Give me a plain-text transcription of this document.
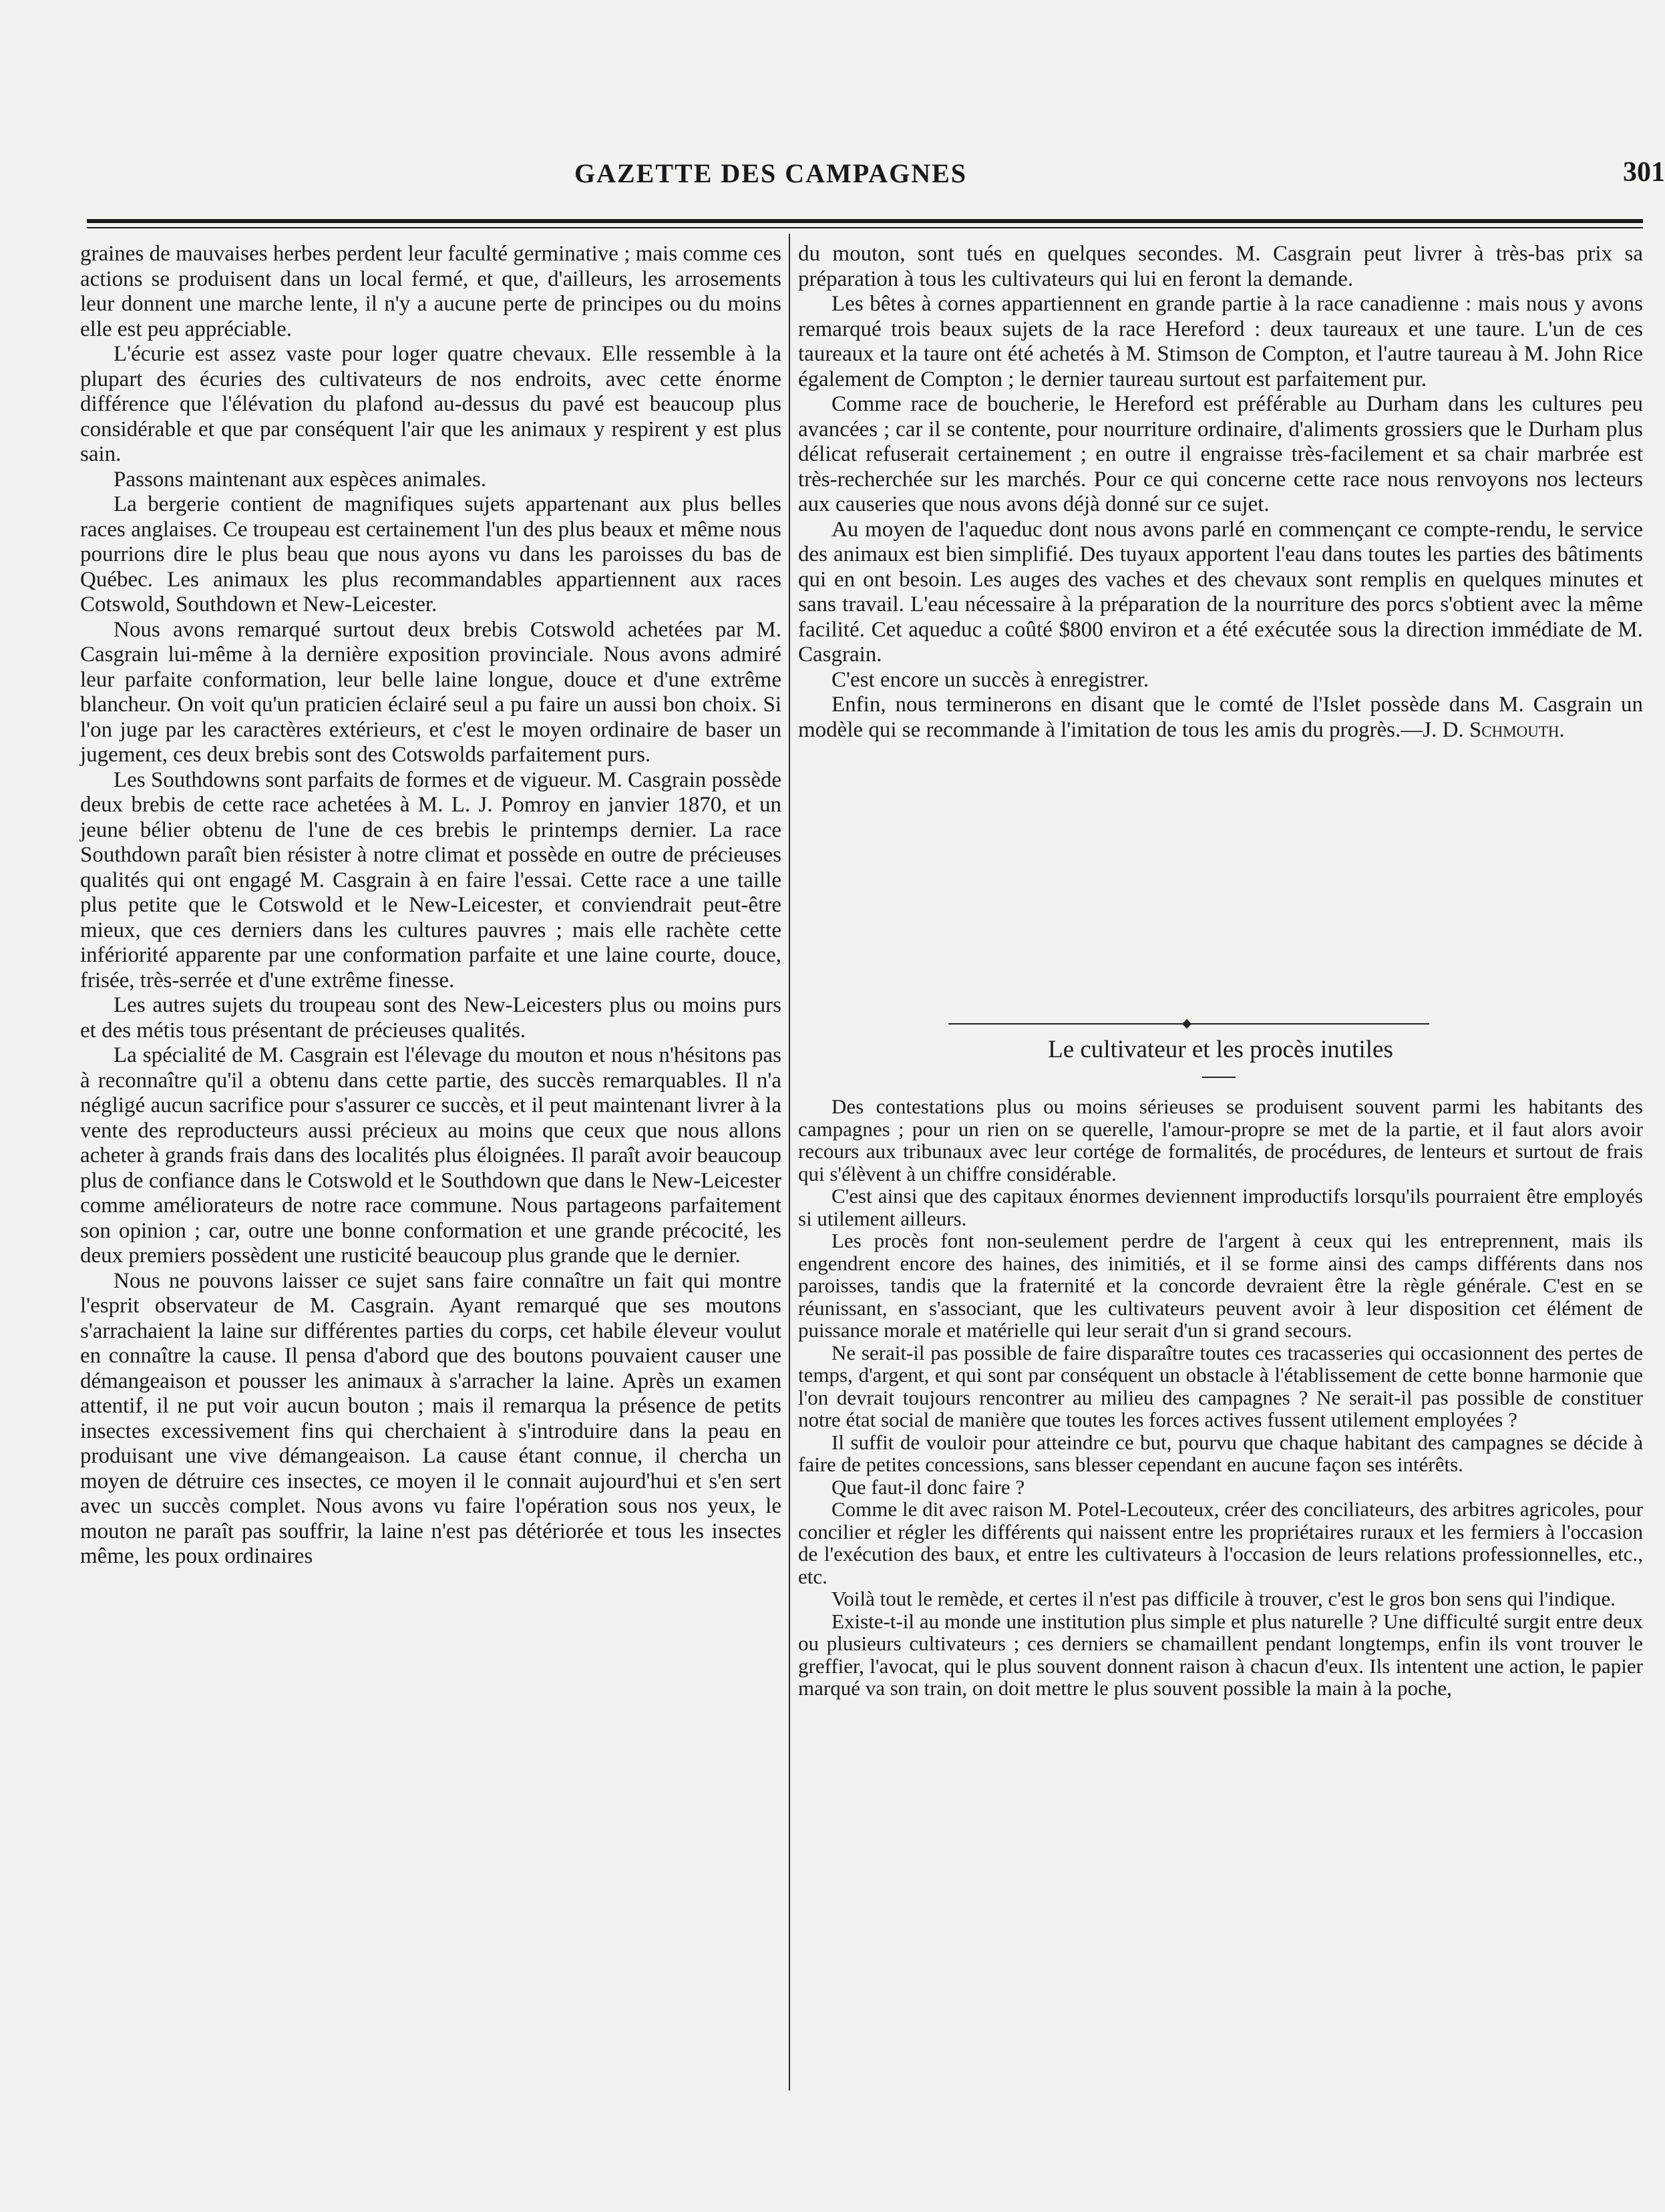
GAZETTE DES CAMPAGNES	301

graines de mauvaises herbes perdent leur faculté germinative ; mais comme ces actions se produisent dans un local fermé, et que, d'ailleurs, les arrosements leur donnent une marche lente, il n'y a aucune perte de principes ou du moins elle est peu appréciable.

L'écurie est assez vaste pour loger quatre chevaux. Elle ressemble à la plupart des écuries des cultivateurs de nos endroits, avec cette énorme différence que l'élévation du plafond au-dessus du pavé est beaucoup plus considérable et que par conséquent l'air que les animaux y respirent y est plus sain.

Passons maintenant aux espèces animales.

La bergerie contient de magnifiques sujets appartenant aux plus belles races anglaises. Ce troupeau est certainement l'un des plus beaux et même nous pourrions dire le plus beau que nous ayons vu dans les paroisses du bas de Québec. Les animaux les plus recommandables appartiennent aux races Cotswold, Southdown et New-Leicester.

Nous avons remarqué surtout deux brebis Cotswold achetées par M. Casgrain lui-même à la dernière exposition provinciale. Nous avons admiré leur parfaite conformation, leur belle laine longue, douce et d'une extrême blancheur. On voit qu'un praticien éclairé seul a pu faire un aussi bon choix. Si l'on juge par les caractères extérieurs, et c'est le moyen ordinaire de baser un jugement, ces deux brebis sont des Cotswolds parfaitement purs.

Les Southdowns sont parfaits de formes et de vigueur. M. Casgrain possède deux brebis de cette race achetées à M. L. J. Pomroy en janvier 1870, et un jeune bélier obtenu de l'une de ces brebis le printemps dernier. La race Southdown paraît bien résister à notre climat et possède en outre de précieuses qualités qui ont engagé M. Casgrain à en faire l'essai. Cette race a une taille plus petite que le Cotswold et le New-Leicester, et conviendrait peut-être mieux, que ces derniers dans les cultures pauvres ; mais elle rachète cette infériorité apparente par une conformation parfaite et une laine courte, douce, frisée, très-serrée et d'une extrême finesse.

Les autres sujets du troupeau sont des New-Leicesters plus ou moins purs et des métis tous présentant de précieuses qualités.

La spécialité de M. Casgrain est l'élevage du mouton et nous n'hésitons pas à reconnaître qu'il a obtenu dans cette partie, des succès remarquables. Il n'a négligé aucun sacrifice pour s'assurer ce succès, et il peut maintenant livrer à la vente des reproducteurs aussi précieux au moins que ceux que nous allons acheter à grands frais dans des localités plus éloignées. Il paraît avoir beaucoup plus de confiance dans le Cotswold et le Southdown que dans le New-Leicester comme améliorateurs de notre race commune. Nous partageons parfaitement son opinion ; car, outre une bonne conformation et une grande précocité, les deux premiers possèdent une rusticité beaucoup plus grande que le dernier.

Nous ne pouvons laisser ce sujet sans faire connaître un fait qui montre l'esprit observateur de M. Casgrain. Ayant remarqué que ses moutons s'arrachaient la laine sur différentes parties du corps, cet habile éleveur voulut en connaître la cause. Il pensa d'abord que des boutons pouvaient causer une démangeaison et pousser les animaux à s'arracher la laine. Après un examen attentif, il ne put voir aucun bouton ; mais il remarqua la présence de petits insectes excessivement fins qui cherchaient à s'introduire dans la peau en produisant une vive démangeaison. La cause étant connue, il chercha un moyen de détruire ces insectes, ce moyen il le connait aujourd'hui et s'en sert avec un succès complet. Nous avons vu faire l'opération sous nos yeux, le mouton ne paraît pas souffrir, la laine n'est pas détériorée et tous les insectes même, les poux ordinaires

du mouton, sont tués en quelques secondes. M. Casgrain peut livrer à très-bas prix sa préparation à tous les cultivateurs qui lui en feront la demande.

Les bêtes à cornes appartiennent en grande partie à la race canadienne : mais nous y avons remarqué trois beaux sujets de la race Hereford : deux taureaux et une taure. L'un de ces taureaux et la taure ont été achetés à M. Stimson de Compton, et l'autre taureau à M. John Rice également de Compton ; le dernier taureau surtout est parfaitement pur.

Comme race de boucherie, le Hereford est préférable au Durham dans les cultures peu avancées ; car il se contente, pour nourriture ordinaire, d'aliments grossiers que le Durham plus délicat refuserait certainement ; en outre il engraisse très-facilement et sa chair marbrée est très-recherchée sur les marchés. Pour ce qui concerne cette race nous renvoyons nos lecteurs aux causeries que nous avons déjà donné sur ce sujet.

Au moyen de l'aqueduc dont nous avons parlé en commençant ce compte-rendu, le service des animaux est bien simplifié. Des tuyaux apportent l'eau dans toutes les parties des bâtiments qui en ont besoin. Les auges des vaches et des chevaux sont remplis en quelques minutes et sans travail. L'eau nécessaire à la préparation de la nourriture des porcs s'obtient avec la même facilité. Cet aqueduc a coûté $800 environ et a été exécutée sous la direction immédiate de M. Casgrain.

C'est encore un succès à enregistrer.

Enfin, nous terminerons en disant que le comté de l'Islet possède dans M. Casgrain un modèle qui se recommande à l'imitation de tous les amis du progrès.—J. D. Schmouth.

Le cultivateur et les procès inutiles

Des contestations plus ou moins sérieuses se produisent souvent parmi les habitants des campagnes ; pour un rien on se querelle, l'amour-propre se met de la partie, et il faut alors avoir recours aux tribunaux avec leur cortége de formalités, de procédures, de lenteurs et surtout de frais qui s'élèvent à un chiffre considérable.

C'est ainsi que des capitaux énormes deviennent improductifs lorsqu'ils pourraient être employés si utilement ailleurs.

Les procès font non-seulement perdre de l'argent à ceux qui les entreprennent, mais ils engendrent encore des haines, des inimitiés, et il se forme ainsi des camps différents dans nos paroisses, tandis que la fraternité et la concorde devraient être la règle générale. C'est en se réunissant, en s'associant, que les cultivateurs peuvent avoir à leur disposition cet élément de puissance morale et matérielle qui leur serait d'un si grand secours.

Ne serait-il pas possible de faire disparaître toutes ces tracasseries qui occasionnent des pertes de temps, d'argent, et qui sont par conséquent un obstacle à l'établissement de cette bonne harmonie que l'on devrait toujours rencontrer au milieu des campagnes ? Ne serait-il pas possible de constituer notre état social de manière que toutes les forces actives fussent utilement employées ?

Il suffit de vouloir pour atteindre ce but, pourvu que chaque habitant des campagnes se décide à faire de petites concessions, sans blesser cependant en aucune façon ses intérêts.

Que faut-il donc faire ?

Comme le dit avec raison M. Potel-Lecouteux, créer des conciliateurs, des arbitres agricoles, pour concilier et régler les différents qui naissent entre les propriétaires ruraux et les fermiers à l'occasion de l'exécution des baux, et entre les cultivateurs à l'occasion de leurs relations professionnelles, etc., etc.

Voilà tout le remède, et certes il n'est pas difficile à trouver, c'est le gros bon sens qui l'indique.

Existe-t-il au monde une institution plus simple et plus naturelle ? Une difficulté surgit entre deux ou plusieurs cultivateurs ; ces derniers se chamaillent pendant longtemps, enfin ils vont trouver le greffier, l'avocat, qui le plus souvent donnent raison à chacun d'eux. Ils intentent une action, le papier marqué va son train, on doit mettre le plus souvent possible la main à la poche,
